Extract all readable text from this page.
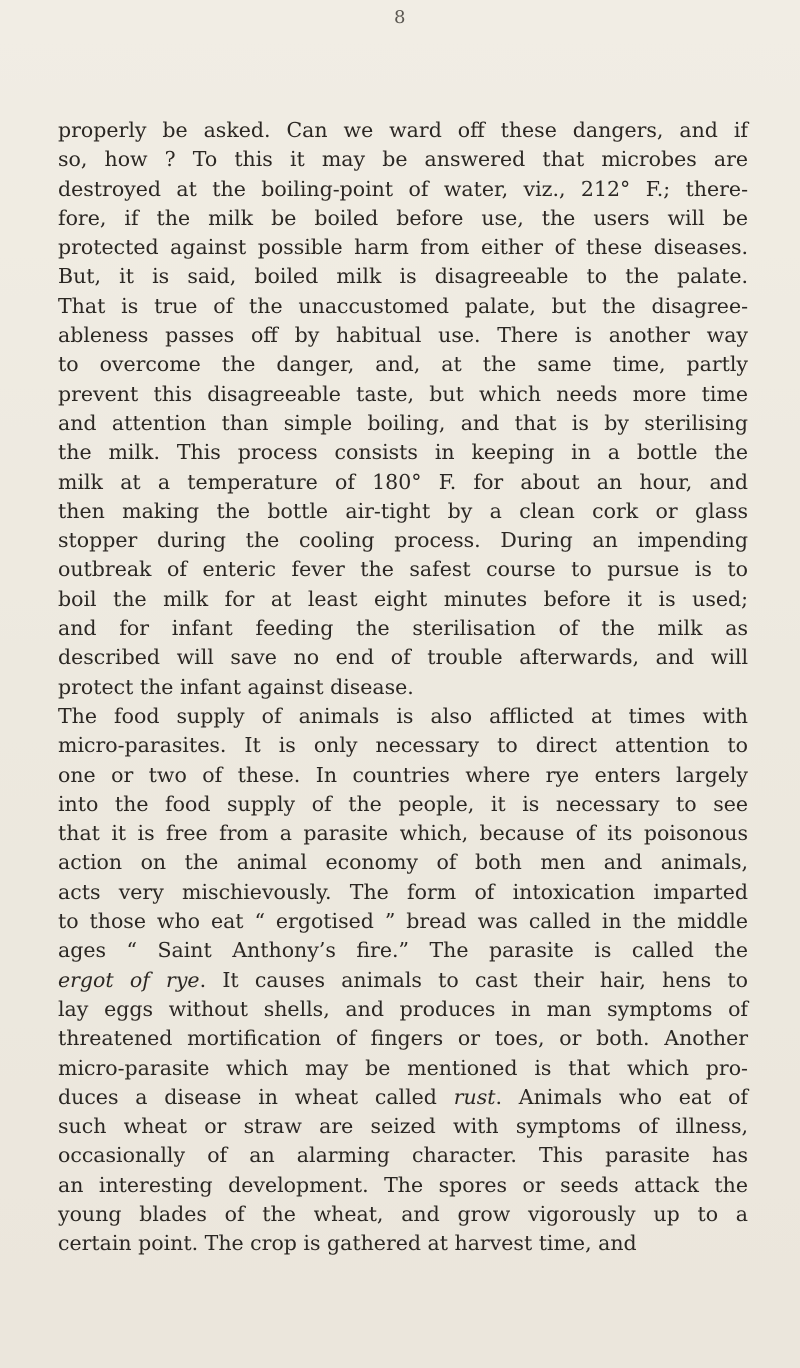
8
properly be asked. Can we ward off these dangers, and if
so, how ? To this it may be answered that microbes are
destroyed at the boiling-point of water, viz., 212° F.; there-
fore, if the milk be boiled before use, the users will be
protected against possible harm from either of these diseases.
But, it is said, boiled milk is disagreeable to the palate.
That is true of the unaccustomed palate, but the disagree-
ableness passes off by habitual use. There is another way
to overcome the danger, and, at the same time, partly
prevent this disagreeable taste, but which needs more time
and attention than simple boiling, and that is by sterilising
the milk. This process consists in keeping in a bottle the
milk at a temperature of 180° F. for about an hour, and
then making the bottle air-tight by a clean cork or glass
stopper during the cooling process. During an impending
outbreak of enteric fever the safest course to pursue is to
boil the milk for at least eight minutes before it is used;
and for infant feeding the sterilisation of the milk as
described will save no end of trouble afterwards, and will
protect the infant against disease.
The food supply of animals is also afflicted at times with
micro-parasites. It is only necessary to direct attention to
one or two of these. In countries where rye enters largely
into the food supply of the people, it is necessary to see
that it is free from a parasite which, because of its poisonous
action on the animal economy of both men and animals,
acts very mischievously. The form of intoxication imparted
to those who eat “ ergotised ” bread was called in the middle
ages “ Saint Anthony’s fire.” The parasite is called the
ergot of rye. It causes animals to cast their hair, hens to
lay eggs without shells, and produces in man symptoms of
threatened mortification of fingers or toes, or both. Another
micro-parasite which may be mentioned is that which pro-
duces a disease in wheat called rust. Animals who eat of
such wheat or straw are seized with symptoms of illness,
occasionally of an alarming character. This parasite has
an interesting development. The spores or seeds attack the
young blades of the wheat, and grow vigorously up to a
certain point. The crop is gathered at harvest time, and
